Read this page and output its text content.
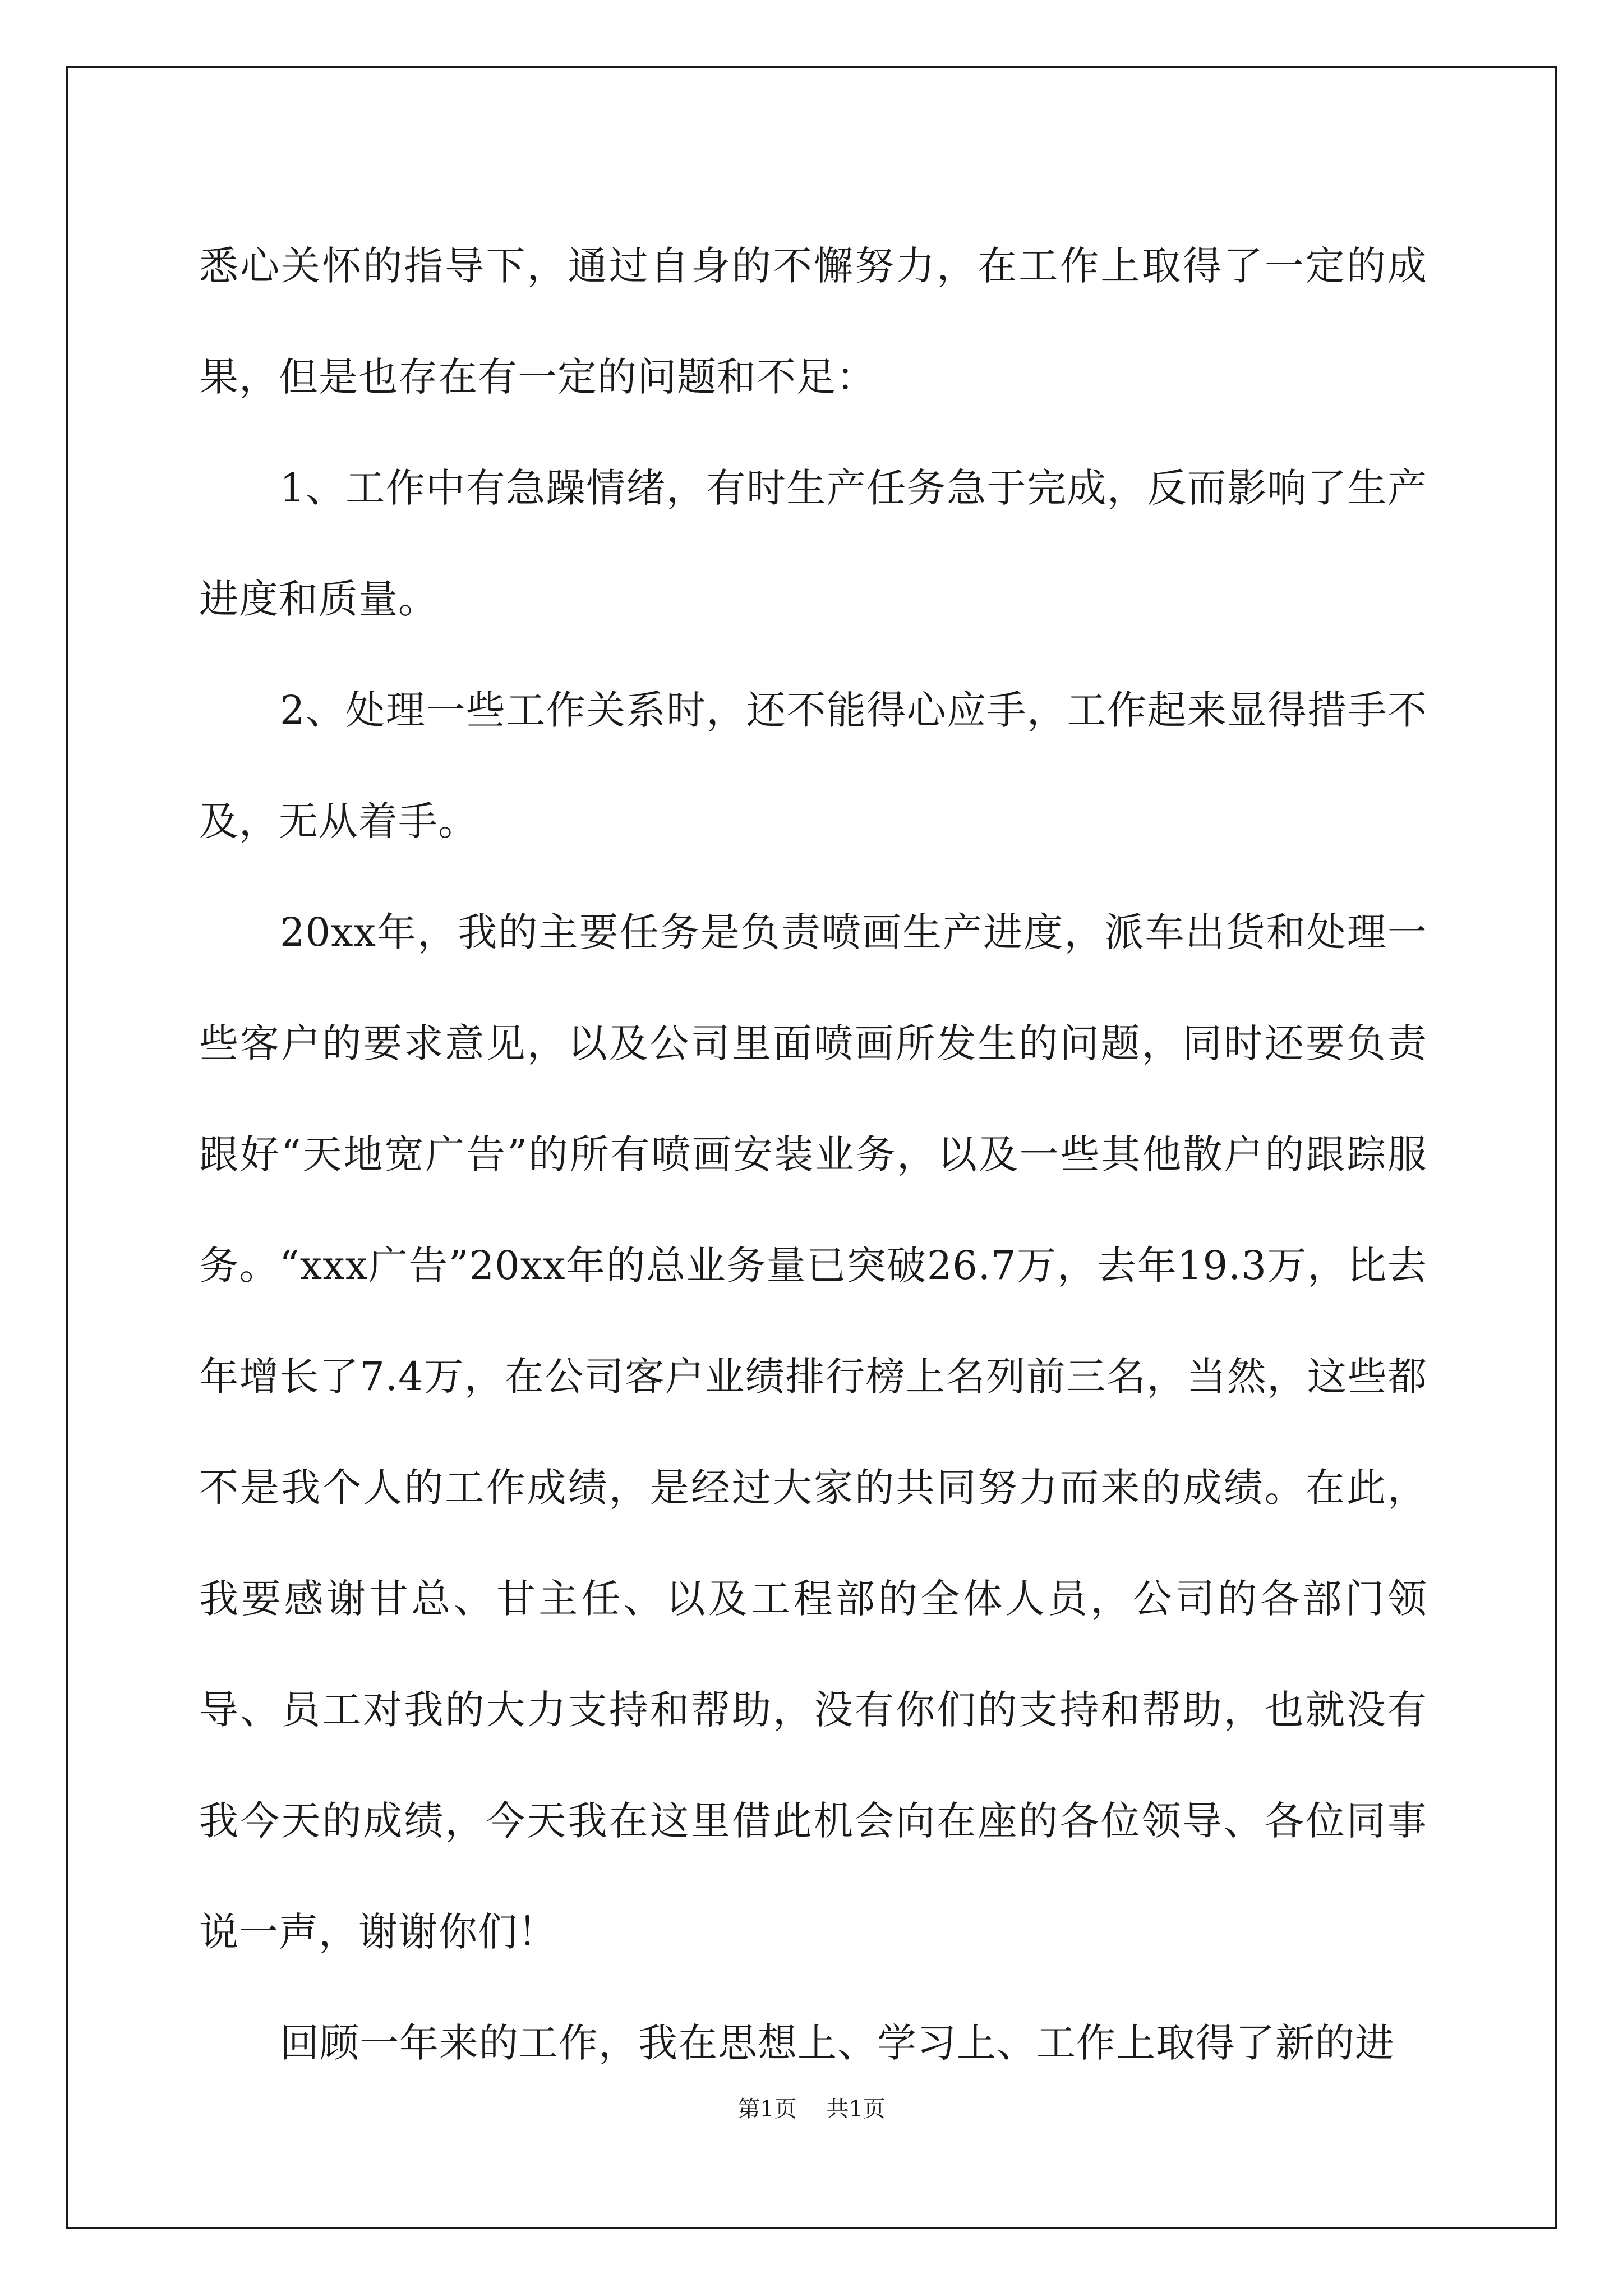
悉心关怀的指导下，通过自身的不懈努力，在工作上取得了一定的成果，但是也存在有一定的问题和不足：

1、工作中有急躁情绪，有时生产任务急于完成，反而影响了生产进度和质量。

2、处理一些工作关系时，还不能得心应手，工作起来显得措手不及，无从着手。

20xx年，我的主要任务是负责喷画生产进度，派车出货和处理一些客户的要求意见，以及公司里面喷画所发生的问题，同时还要负责跟好“天地宽广告”的所有喷画安装业务，以及一些其他散户的跟踪服务。“xxx广告”20xx年的总业务量已突破26.7万，去年19.3万，比去年增长了7.4万，在公司客户业绩排行榜上名列前三名，当然，这些都不是我个人的工作成绩，是经过大家的共同努力而来的成绩。在此，我要感谢甘总、甘主任、以及工程部的全体人员，公司的各部门领导、员工对我的大力支持和帮助，没有你们的支持和帮助，也就没有我今天的成绩，今天我在这里借此机会向在座的各位领导、各位同事说一声，谢谢你们！

回顾一年来的工作，我在思想上、学习上、工作上取得了新的进

第1页 共1页
